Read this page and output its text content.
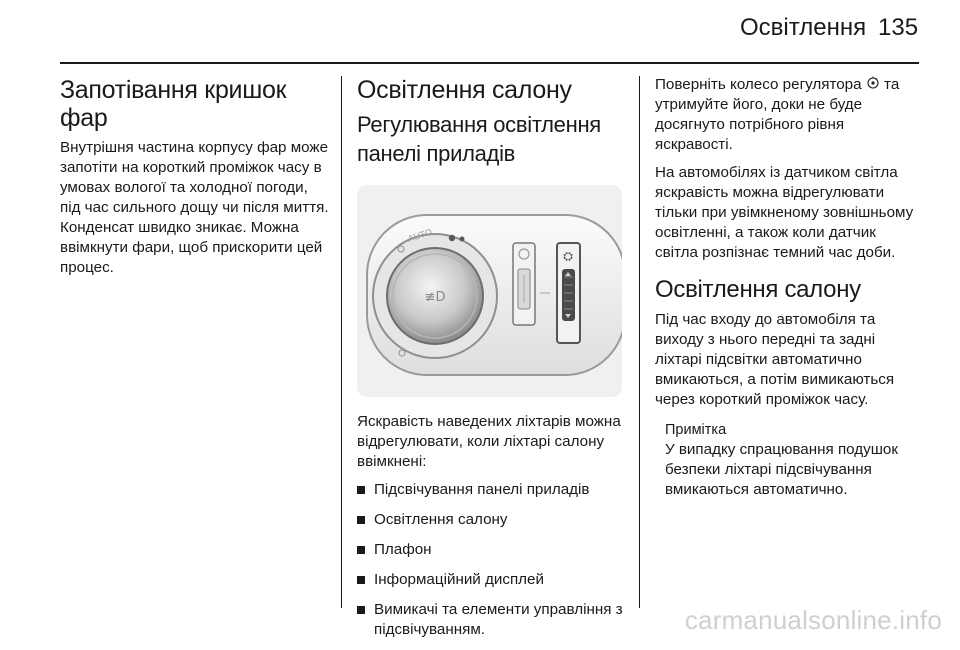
Освітлення 135
Запотівання кришок фар

Внутрішня частина корпусу фар може запотіти на короткий проміжок часу в умовах вологої та холодної погоди, під час сильного дощу чи після миття. Конденсат швидко зникає. Можна ввімкнути фари, щоб прискорити цей процес.

Освітлення салону
Регулювання освітлення панелі приладів
≢D
AUTO
⛭

Яскравість наведених ліхтарів можна відрегулювати, коли ліхтарі салону ввімкнені:

Підсвічування панелі приладів
Освітлення салону
Плафон
Інформаційний дисплей
Вимикачі та елементи управління з підсвічуванням.

Поверніть колесо регулятора та утримуйте його, доки не буде досягнуто потрібного рівня яскравості.

На автомобілях із датчиком світла яскравість можна відрегулювати тільки при увімкненому зовнішньому освітленні, а також коли датчик світла розпізнає темний час доби.

Освітлення салону

Під час входу до автомобіля та виходу з нього передні та задні ліхтарі підсвітки автоматично вмикаються, а потім вимикаються через короткий проміжок часу.

Примітка

У випадку спрацювання подушок безпеки ліхтарі підсвічування вмикаються автоматично.

carmanualsonline.info
